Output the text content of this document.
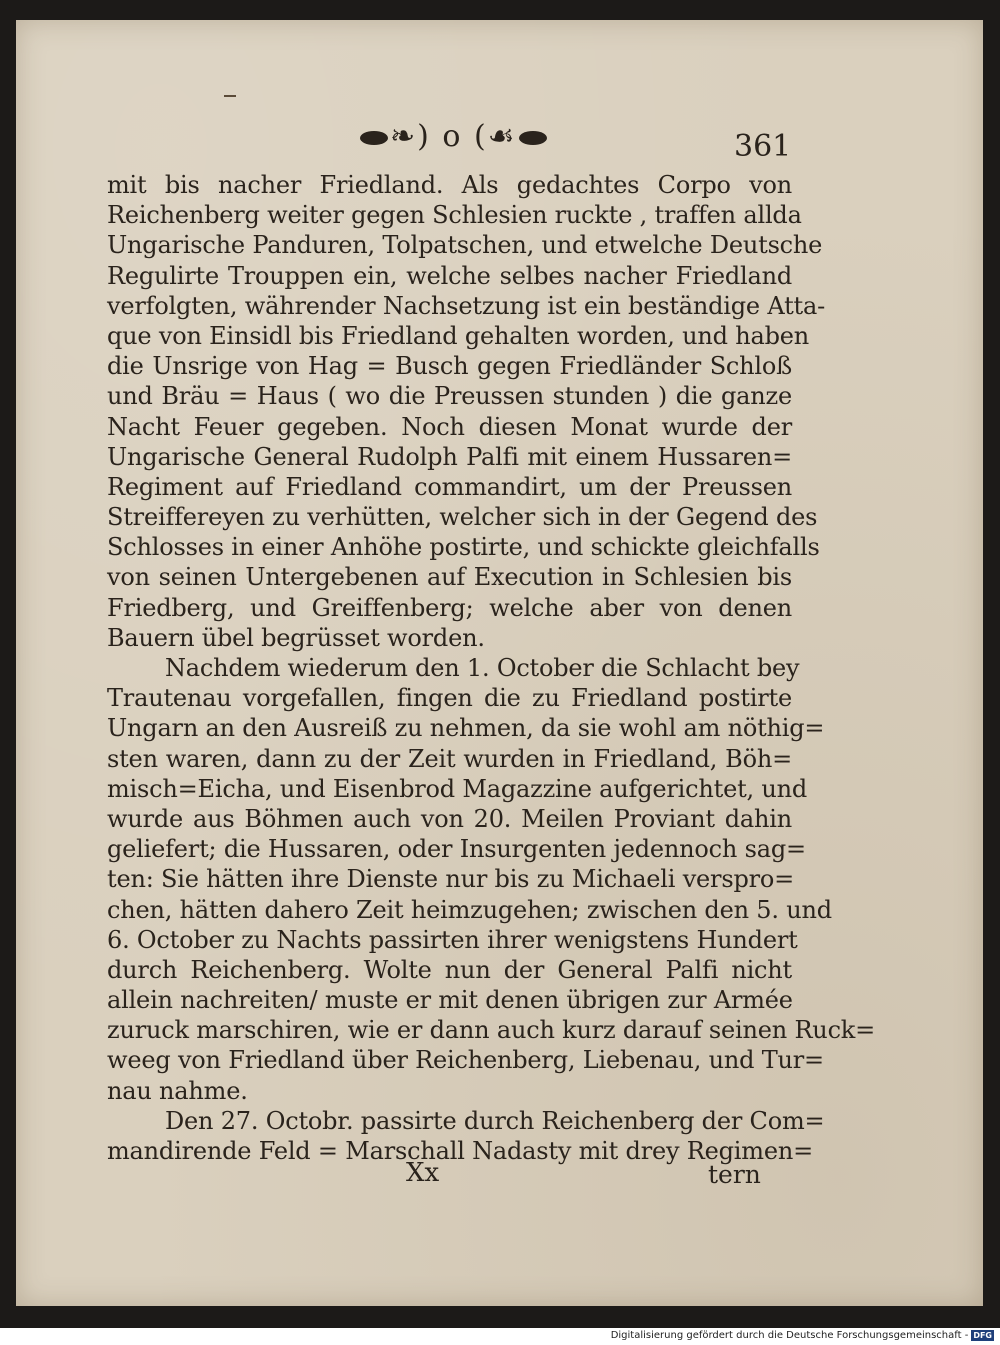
❧) o (☙	361
mit bis nacher Friedland. Als gedachtes Corpo von
Reichenberg weiter gegen Schlesien ruckte , traffen allda
Ungarische Panduren, Tolpatschen, und etwelche Deutsche
Regulirte Trouppen ein, welche selbes nacher Friedland
verfolgten, währender Nachsetzung ist ein beständige Atta-
que von Einsidl bis Friedland gehalten worden, und haben
die Unsrige von Hag = Busch gegen Friedländer Schloß
und Bräu = Haus ( wo die Preussen stunden ) die ganze
Nacht Feuer gegeben. Noch diesen Monat wurde der
Ungarische General Rudolph Palfi mit einem Hussaren=
Regiment auf Friedland commandirt, um der Preussen
Streiffereyen zu verhütten, welcher sich in der Gegend des
Schlosses in einer Anhöhe postirte, und schickte gleichfalls
von seinen Untergebenen auf Execution in Schlesien bis
Friedberg, und Greiffenberg; welche aber von denen
Bauern übel begrüsset worden.
Nachdem wiederum den 1. October die Schlacht bey
Trautenau vorgefallen, fingen die zu Friedland postirte
Ungarn an den Ausreiß zu nehmen, da sie wohl am nöthig=
sten waren, dann zu der Zeit wurden in Friedland, Böh=
misch=Eicha, und Eisenbrod Magazzine aufgerichtet, und
wurde aus Böhmen auch von 20. Meilen Proviant dahin
geliefert; die Hussaren, oder Insurgenten jedennoch sag=
ten: Sie hätten ihre Dienste nur bis zu Michaeli verspro=
chen, hätten dahero Zeit heimzugehen; zwischen den 5. und
6. October zu Nachts passirten ihrer wenigstens Hundert
durch Reichenberg. Wolte nun der General Palfi nicht
allein nachreiten/ muste er mit denen übrigen zur Armée
zuruck marschiren, wie er dann auch kurz darauf seinen Ruck=
weeg von Friedland über Reichenberg, Liebenau, und Tur=
nau nahme.
Den 27. Octobr. passirte durch Reichenberg der Com=
mandirende Feld = Marschall Nadasty mit drey Regimen=
Xx	tern
Digitalisierung gefördert durch die Deutsche Forschungsgemeinschaft - DFG
